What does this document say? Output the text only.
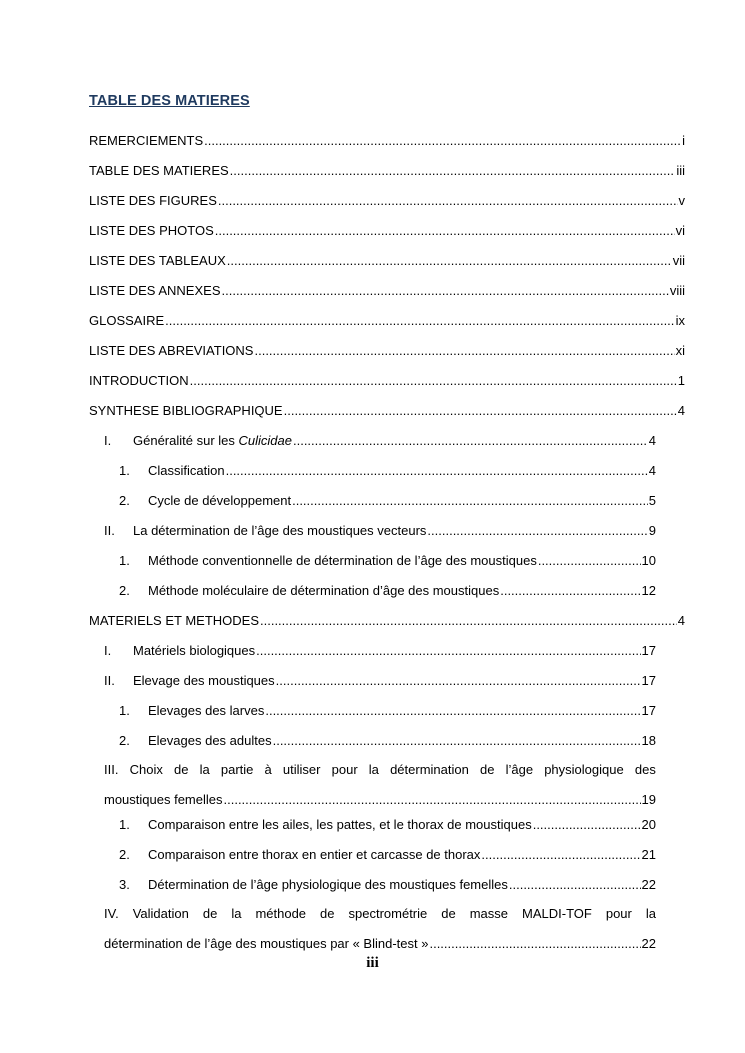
TABLE DES MATIERES
REMERCIEMENTS .....	i
TABLE DES MATIERES .....	iii
LISTE DES FIGURES .....	v
LISTE DES PHOTOS .....	vi
LISTE DES TABLEAUX .....	vii
LISTE DES ANNEXES .....	viii
GLOSSAIRE .....	ix
LISTE DES ABREVIATIONS .....	xi
INTRODUCTION .....	1
SYNTHESE BIBLIOGRAPHIQUE .....	4
I. Généralité sur les Culicidae .....	4
1. Classification .....	4
2. Cycle de développement .....	5
II. La détermination de l’âge des moustiques vecteurs .....	9
1. Méthode conventionnelle de détermination de l’âge des moustiques .....	10
2. Méthode moléculaire de détermination d’âge des moustiques .....	12
MATERIELS ET METHODES .....	4
I. Matériels biologiques .....	17
II. Elevage des moustiques .....	17
1. Elevages des larves .....	17
2. Elevages des adultes .....	18
III. Choix de la partie à utiliser pour la détermination de l’âge physiologique des
moustiques femelles .....	19
1. Comparaison entre les ailes, les pattes, et le thorax de moustiques .....	20
2. Comparaison entre thorax en entier et carcasse de thorax .....	21
3. Détermination de l’âge physiologique des moustiques femelles .....	22
IV. Validation de la méthode de spectrométrie de masse MALDI-TOF pour la
détermination de l’âge des moustiques par « Blind-test » .....	22
iii
